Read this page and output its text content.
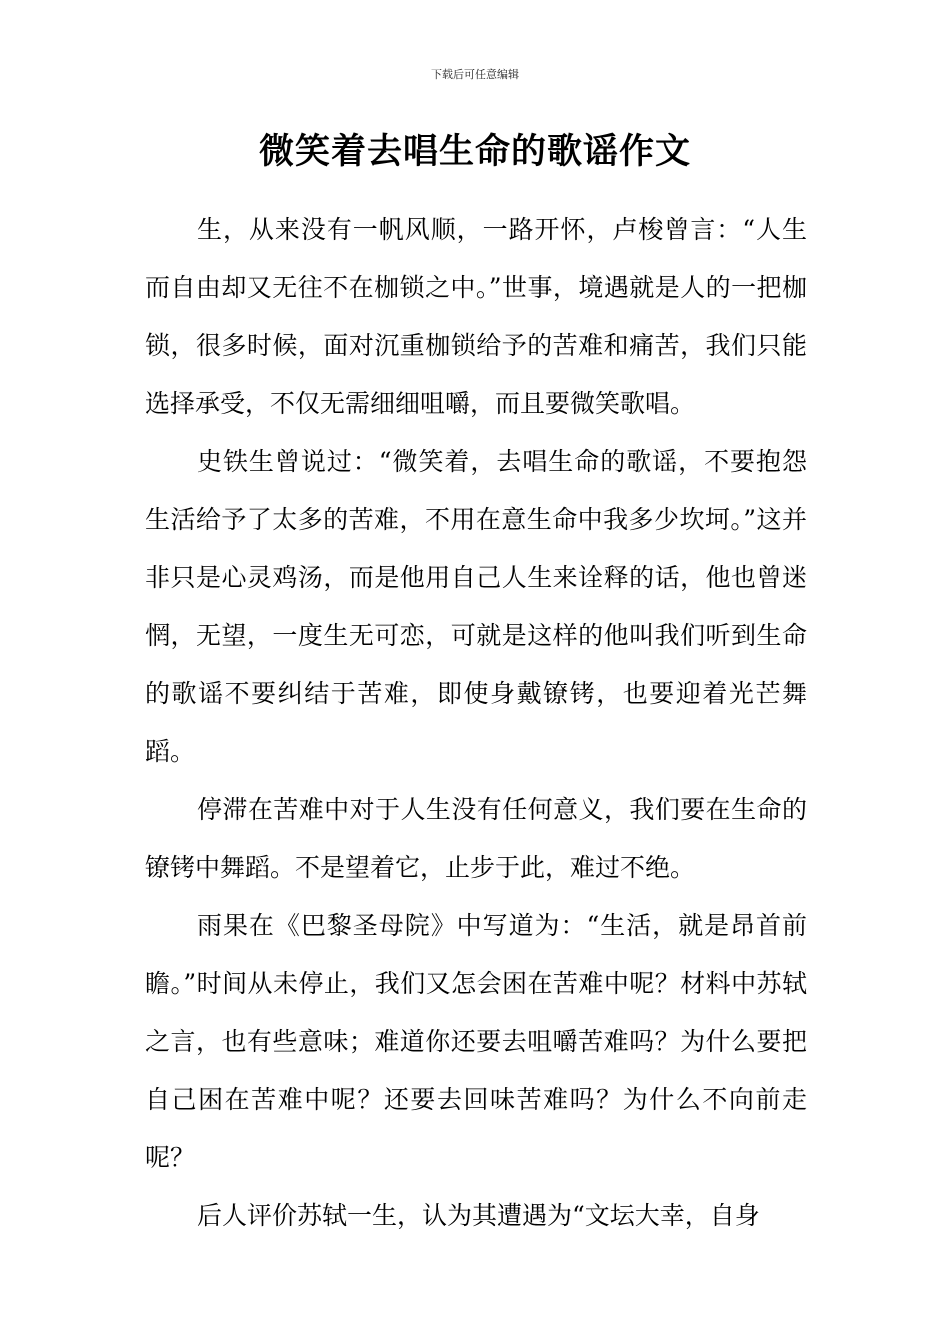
下载后可任意编辑
微笑着去唱生命的歌谣作文

生，从来没有一帆风顺，一路开怀，卢梭曾言：“人生而自由却又无往不在枷锁之中。”世事，境遇就是人的一把枷锁，很多时候，面对沉重枷锁给予的苦难和痛苦，我们只能选择承受，不仅无需细细咀嚼，而且要微笑歌唱。

史铁生曾说过：“微笑着，去唱生命的歌谣，不要抱怨生活给予了太多的苦难，不用在意生命中我多少坎坷。”这并非只是心灵鸡汤，而是他用自己人生来诠释的话，他也曾迷惘，无望，一度生无可恋，可就是这样的他叫我们听到生命的歌谣不要纠结于苦难，即使身戴镣铐，也要迎着光芒舞蹈。

停滞在苦难中对于人生没有任何意义，我们要在生命的镣铐中舞蹈。不是望着它，止步于此，难过不绝。

雨果在《巴黎圣母院》中写道为：“生活，就是昂首前瞻。”时间从未停止，我们又怎会困在苦难中呢？材料中苏轼之言，也有些意味；难道你还要去咀嚼苦难吗？为什么要把自己困在苦难中呢？还要去回味苦难吗？为什么不向前走呢？

后人评价苏轼一生，认为其遭遇为“文坛大幸，自身
